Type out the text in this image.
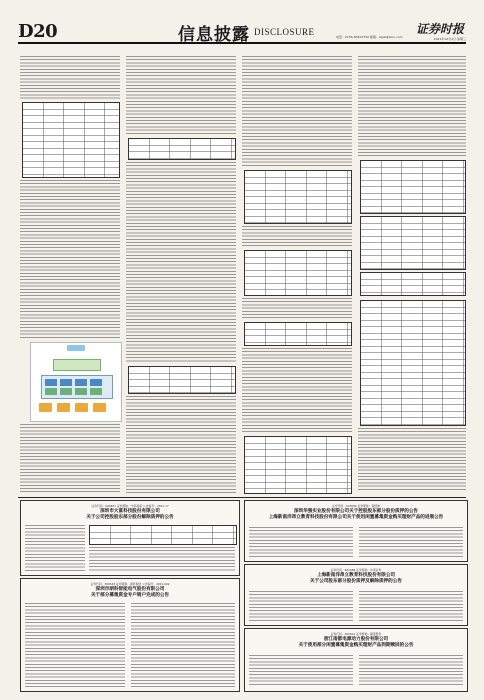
D20	信息披露 DISCLOSURE	电话：0755-83501750 邮箱：zqsb@stcn.com
证券时报
2021年12月1日 星期三
证券代码：000657 证券简称：中钨高新 公告编号：2021-77
深圳市大富科技股份有限公司
关于公司控股股东部分股份解除质押的公告
证券代码：300543 证券简称：朗科智能 公告编号：2021-092
深圳市朗科智能电气股份有限公司
关于部分募集资金专户销户完成的公告
证券代码：603096 证券简称：新经典
深圳华强实业股份有限公司关于控股股东部分股份质押的公告
上海新南洋昂立教育科技股份有限公司关于使用闲置募集资金购买理财产品的进展公告
证券代码：601688 证券简称：华泰证券
上海新南洋昂立教育科技股份有限公司
关于公司股东部分股份质押及解除质押的公告
证券代码：002612 证券简称：朗姿股份
浙江南都电源动力股份有限公司
关于使用部分闲置募集资金购买理财产品到期赎回的公告
